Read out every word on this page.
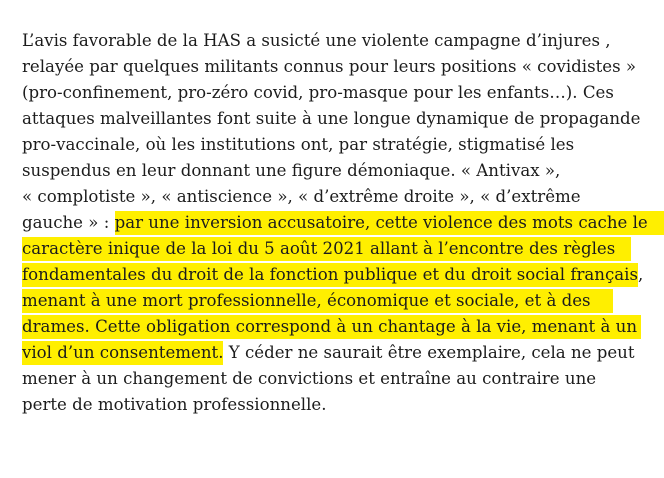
L’avis favorable de la HAS a susicté une violente campagne d’injures ,
relayée par quelques militants connus pour leurs positions « covidistes »
(pro-confinement, pro-zéro covid, pro-masque pour les enfants…). Ces
attaques malveillantes font suite à une longue dynamique de propagande
pro-vaccinale, où les institutions ont, par stratégie, stigmatisé les
suspendus en leur donnant une figure démoniaque. « Antivax »,
« complotiste », « antiscience », « d’extrême droite », « d’extrême
gauche » : par une inversion accusatoire, cette violence des mots cache le
caractère inique de la loi du 5 août 2021 allant à l’encontre des règles
fondamentales du droit de la fonction publique et du droit social français,
menant à une mort professionnelle, économique et sociale, et à des
drames. Cette obligation correspond à un chantage à la vie, menant à un
viol d’un consentement. Y céder ne saurait être exemplaire, cela ne peut
mener à un changement de convictions et entraîne au contraire une
perte de motivation professionnelle.
